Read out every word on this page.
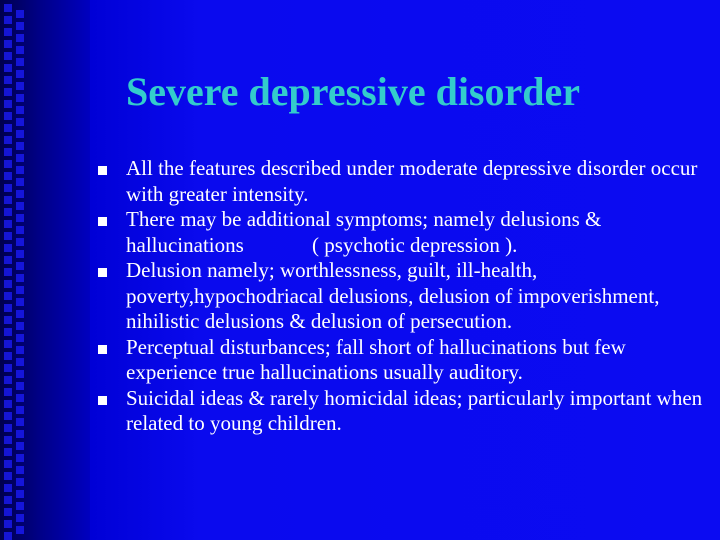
Severe depressive disorder
All the features described under moderate depressive disorder occur with greater intensity.
There may be additional symptoms; namely delusions & hallucinations             ( psychotic depression ).
Delusion namely; worthlessness, guilt, ill-health, poverty,hypochodriacal delusions, delusion of impoverishment, nihilistic delusions & delusion of persecution.
Perceptual disturbances; fall short of hallucinations but few experience true hallucinations usually auditory.
Suicidal ideas & rarely homicidal ideas; particularly important when related to young children.
